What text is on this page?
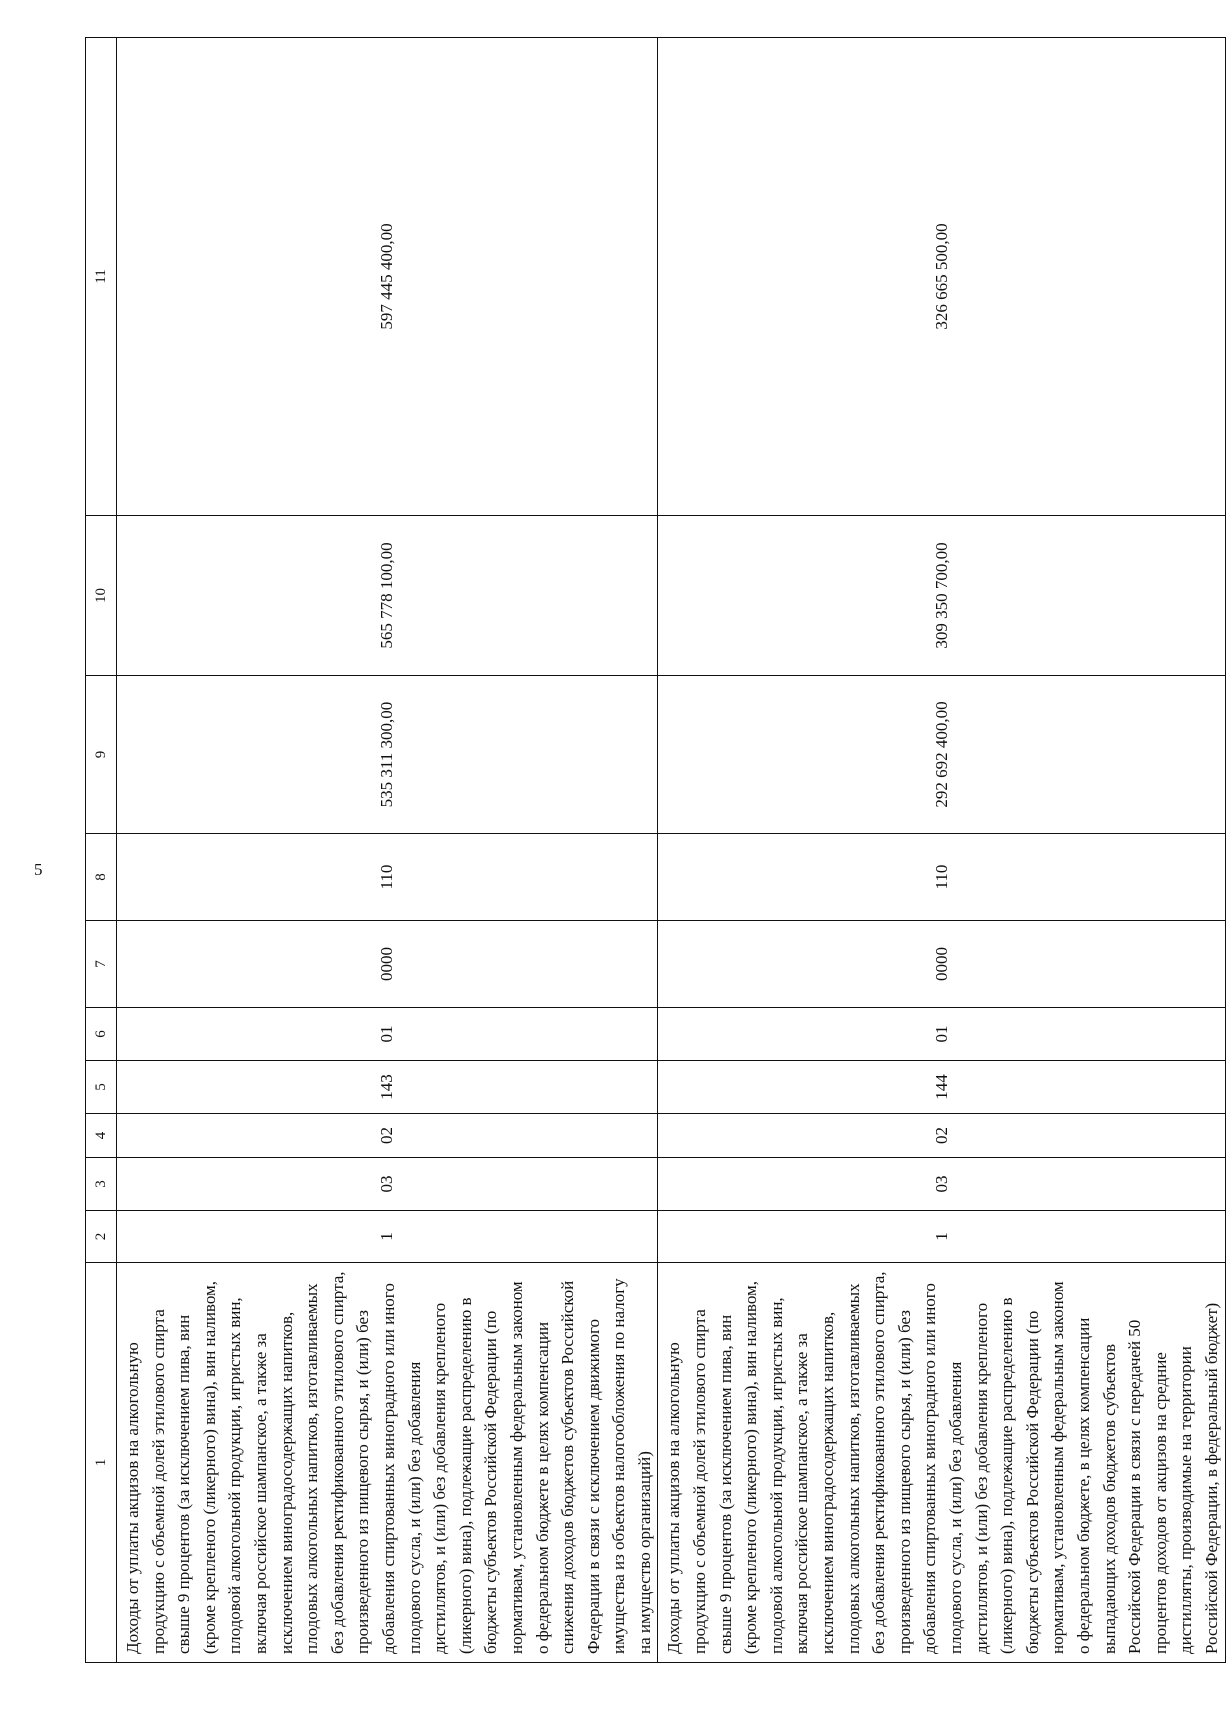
5
1	2	3	4	5	6	7	8	9	10	11
Доходы от уплаты акцизов на алкогольную продукцию с объемной долей этилового спирта свыше 9 процентов (за исключением пива, вин (кроме крепленого (ликерного) вина), вин наливом, плодовой алкогольной продукции, игристых вин, включая российское шампанское, а также за исключением виноградосодержащих напитков, плодовых алкогольных напитков, изготавливаемых без добавления ректификованного этилового спирта, произведенного из пищевого сырья, и (или) без добавления спиртованных виноградного или иного плодового сусла, и (или) без добавления дистиллятов, и (или) без добавления крепленого (ликерного) вина), подлежащие распределению в бюджеты субъектов Российской Федерации (по нормативам, установленным федеральным законом о федеральном бюджете в целях компенсации снижения доходов бюджетов субъектов Российской Федерации в связи с исключением движимого имущества из объектов налогообложения по налогу на имущество организаций)	1	03	02	143	01	0000	110	535 311 300,00	565 778 100,00	597 445 400,00
Доходы от уплаты акцизов на алкогольную продукцию с объемной долей этилового спирта свыше 9 процентов (за исключением пива, вин (кроме крепленого (ликерного) вина), вин наливом, плодовой алкогольной продукции, игристых вин, включая российское шампанское, а также за исключением виноградосодержащих напитков, плодовых алкогольных напитков, изготавливаемых без добавления ректификованного этилового спирта, произведенного из пищевого сырья, и (или) без добавления спиртованных виноградного или иного плодового сусла, и (или) без добавления дистиллятов, и (или) без добавления крепленого (ликерного) вина), подлежащие распределению в бюджеты субъектов Российской Федерации (по нормативам, установленным федеральным законом о федеральном бюджете, в целях компенсации выпадающих доходов бюджетов субъектов Российской Федерации в связи с передачей 50 процентов доходов от акцизов на средние дистилляты, производимые на территории Российской Федерации, в федеральный бюджет)	1	03	02	144	01	0000	110	292 692 400,00	309 350 700,00	326 665 500,00
